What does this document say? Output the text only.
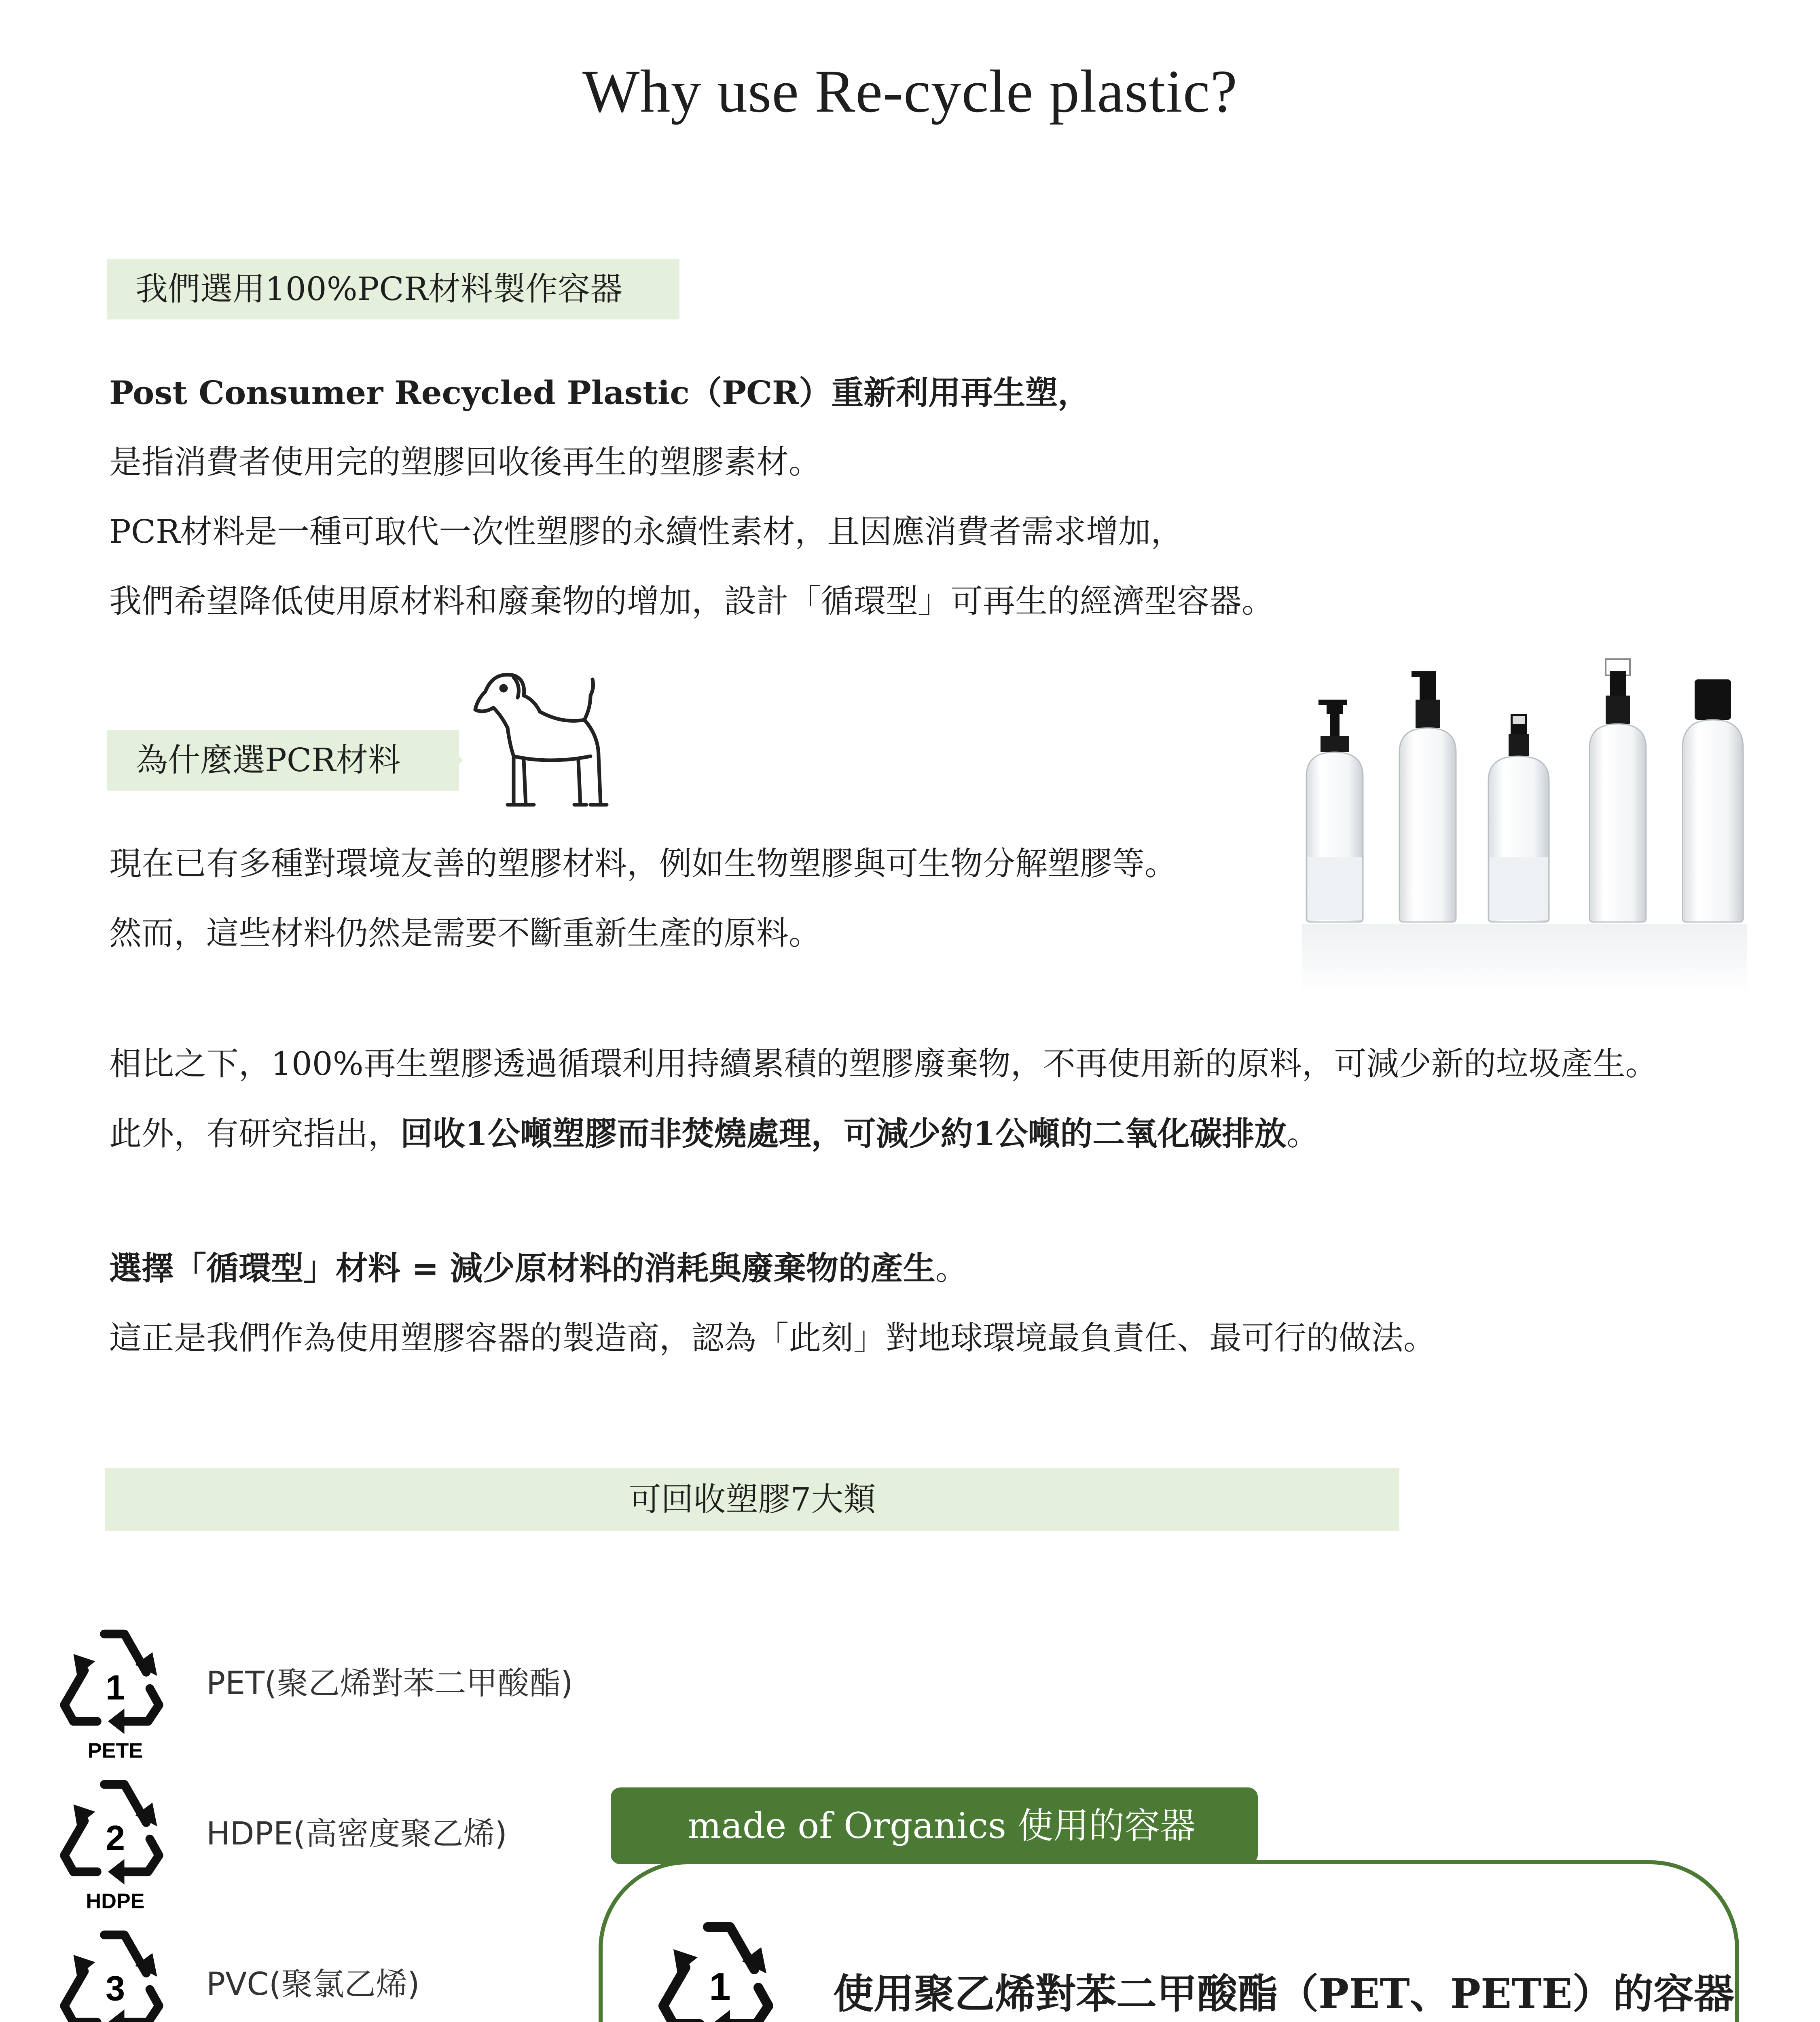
Why use Re-cycle plastic?
我們選用100%PCR材料製作容器
Post Consumer Recycled Plastic（PCR）重新利用再生塑，
是指消費者使用完的塑膠回收後再生的塑膠素材。
PCR材料是一種可取代一次性塑膠的永續性素材，且因應消費者需求增加，
我們希望降低使用原材料和廢棄物的增加，設計「循環型」可再生的經濟型容器。
為什麼選PCR材料
現在已有多種對環境友善的塑膠材料，例如生物塑膠與可生物分解塑膠等。
然而，這些材料仍然是需要不斷重新生產的原料。
相比之下，100%再生塑膠透過循環利用持續累積的塑膠廢棄物，不再使用新的原料，可減少新的垃圾產生。
此外，有研究指出，回收1公噸塑膠而非焚燒處理，可減少約1公噸的二氧化碳排放。
選擇「循環型」材料 = 減少原材料的消耗與廢棄物的產生。
這正是我們作為使用塑膠容器的製造商，認為「此刻」對地球環境最負責任、最可行的做法。
可回收塑膠7大類
1
PETE
PET(聚乙烯對苯二甲酸酯)
2
HDPE
HDPE(高密度聚乙烯)
3	PVC(聚氯乙烯)
made of Organics 使用的容器
1	使用聚乙烯對苯二甲酸酯（PET、PETE）的容器
